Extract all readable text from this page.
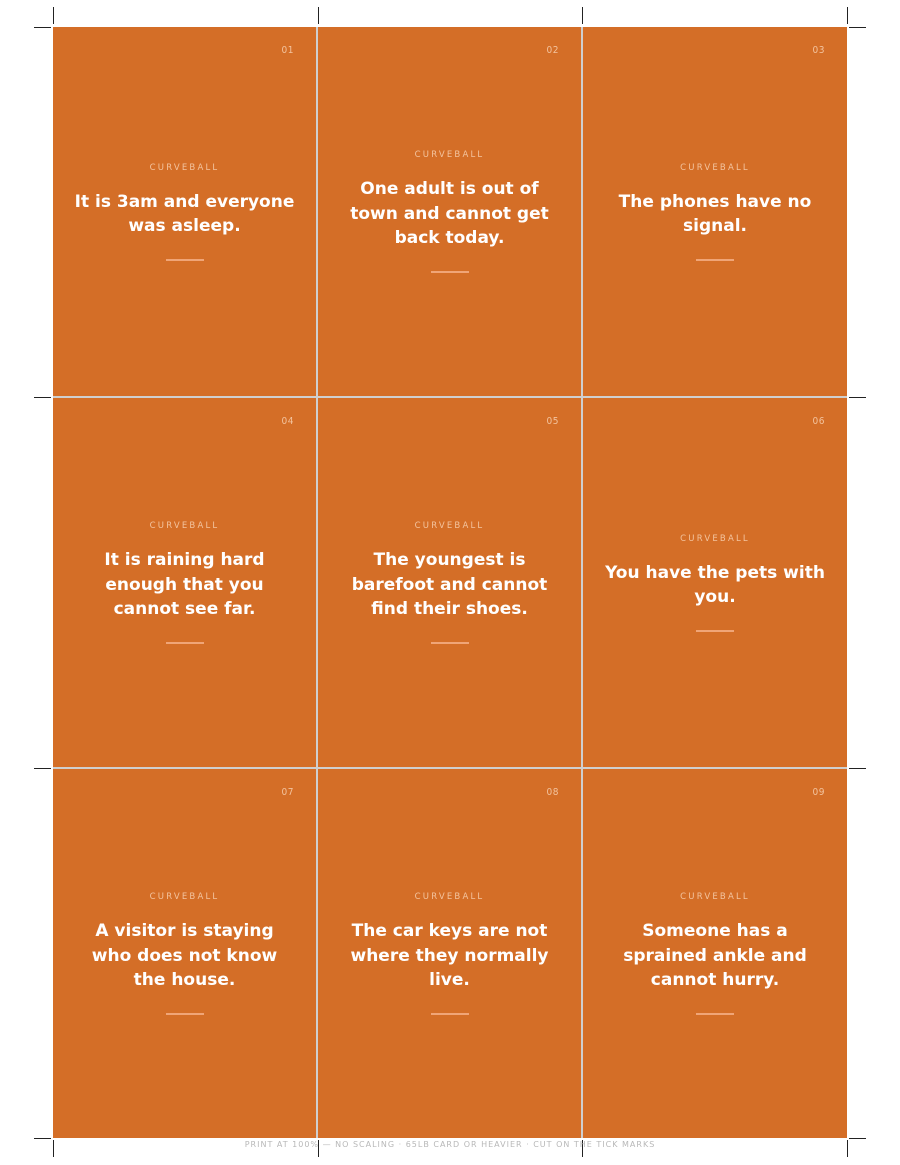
01
CURVEBALL
It is 3am and everyone was asleep.
02
CURVEBALL
One adult is out of town and cannot get back today.
03
CURVEBALL
The phones have no signal.
04
CURVEBALL
It is raining hard enough that you cannot see far.
05
CURVEBALL
The youngest is barefoot and cannot find their shoes.
06
CURVEBALL
You have the pets with you.
07
CURVEBALL
A visitor is staying who does not know the house.
08
CURVEBALL
The car keys are not where they normally live.
09
CURVEBALL
Someone has a sprained ankle and cannot hurry.
PRINT AT 100% — NO SCALING · 65LB CARD OR HEAVIER · CUT ON THE TICK MARKS
